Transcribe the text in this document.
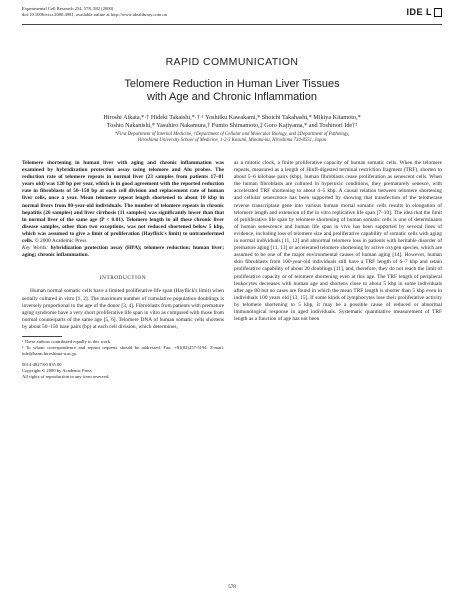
Experimental Cell Research 254, 578–582 (2000)
doi:10.1006/excr.2000.4981, available online at http://www.idealibrary.com on	IDE L
RAPID COMMUNICATION
Telomere Reduction in Human Liver Tissues
with Age and Chronic Inflammation
Hiroshi Aikata,*·† Hideki Takaishi,*·†·¹ Yoshiiku Kawakami,* Shoichi Takahashi,* Mikiya Kitamoto,*
Toshio Nakanishi,* Yasuhiro Nakamura,† Fumio Shimamoto,‡ Goro Kajiyama,* and Toshinori Ide†²
*First Department of Internal Medicine, †Department of Cellular and Molecular Biology, and ‡Department of Pathology,
Hiroshima University School of Medicine, 1-2-3 Kasumi, Minami-ku, Hiroshima 734-8551, Japan

Telomere shortening in human liver with aging and chronic inflammation was examined by hybridization protection assay using telomere and Alu probes. The reduction rate of telomere repeats in normal liver (23 samples from patients 17–81 years old) was 120 bp per year, which is in good agreement with the reported reduction rate in fibroblasts of 50–150 bp at each cell division and replacement rate of human liver cells, once a year. Mean telomere repeat length shortened to about 10 kbp in normal livers from 80-year-old individuals. The number of telomere repeats in chronic hepatitis (26 samples) and liver cirrhosis (11 samples) was significantly lower than that in normal liver of the same age (P < 0.01). Telomere length in all these chronic liver disease samples, other than two exceptions, was not reduced shortened below 5 kbp, which was assumed to give a limit of proliferation (Hayflick's limit) to untransformed cells. © 2000 Academic Press

Key Words: hybridization protection assay (HPA); telomere reduction; human liver; aging; chronic inflammation.

INTRODUCTION

Human normal somatic cells have a limited proliferative life span (Hayflick's limit) when serially cultured in vitro [1, 2]. The maximum number of cumulative population doublings is inversely proportional to the age of the donor [3, 4]. Fibroblasts from patients with premature aging syndrome have a very short proliferative life span in vitro as compared with those from normal counterparts of the same age [5, 6]. Telomere DNA of human somatic cells shortens by about 50–150 base pairs (bp) at each cell division, which determines,

¹ These authors contributed equally to this work.
² To whom correspondence and reprint requests should be addressed. Fax: +81(82)257-5194. E-mail: tide@harm.hiroshima-u.ac.jp.
0014-4827/00 $35.00
Copyright © 2000 by Academic Press
All rights of reproduction in any form reserved.

as a mitotic clock, a finite proliferative capacity of human somatic cells. When the telomere repeats, measured as a length of HinfI-digested terminal restriction fragment (TRF), shorten to about 5–6 kilobase pairs (kbp), human fibroblasts cease proliferation as senescent cells. When the human fibroblasts are cultured in hyperoxic conditions, they prematurely senesce, with accelerated TRF shortening to about 4–5 kbp. A causal relation between telomere shortening and cellular senescence has been supported by showing that transfection of the telomerase reverse transcriptase gene into various human mortal somatic cells results in elongation of telomere length and extension of the in vitro replicative life span [7–10]. The idea that the limit of proliferative life span by telomere shortening of human somatic cells is one of determinants of human senescence and human life span in vivo has been supported by several lines of evidence, including loss of telomere size and proliferative capability of somatic cells with aging in normal individuals [11, 12] and abnormal telomere loss in patients with heritable disorder of premature aging [11, 13] or accelerated telomere shortening by active oxygen species, which are assumed to be one of the major environmental causes of human aging [14]. However, human skin fibroblasts from 100-year-old individuals still have a TRF length of 6–7 kbp and retain proliferative capability of about 20 doublings [11], and, therefore, they do not reach the limit of proliferative capacity or of telomere shortening even at this age. The TRF length of peripheral leukocytes decreases with human age and shortens close to about 5 kbp in some individuals after age 80 but no cases are found in which the mean TRF length is shorter than 5 kbp even in individuals 100 years old [13, 15]. If some kinds of lymphocytes lose their proliferative activity by telomere shortening to 5 kbp, it may be a possible cause of reduced or abnormal immunological response in aged individuals. Systematic quantitative measurement of TRF length as a function of age has not been

578
